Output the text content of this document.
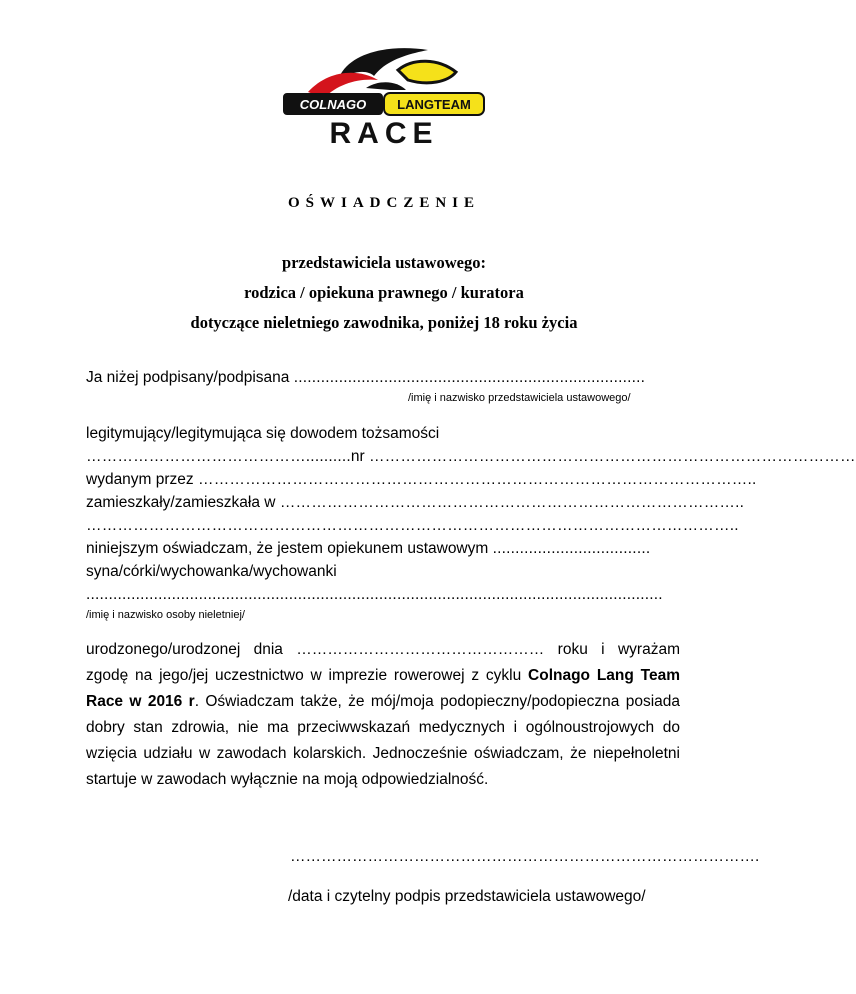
COLNAGO LANGTEAM
RACE
OŚWIADCZENIE
przedstawiciela ustawowego:
rodzica / opiekuna prawnego / kuratora
dotyczące nieletniego zawodnika, poniżej 18 roku życia
Ja niżej podpisany/podpisana ..............................................................................
/imię i nazwisko przedstawiciela ustawowego/
legitymujący/legitymująca się dowodem tożsamości
……………………………………..........nr …………………………………………………………………………………
wydanym przez ……………………………………………………………………………………………..
zamieszkały/zamieszkała w ……………………………………………………………………………..
……………………………………………………………………………………………………………..
niniejszym oświadczam, że jestem opiekunem ustawowym ...................................
syna/córki/wychowanka/wychowanki
................................................................................................................................
/imię i nazwisko osoby nieletniej/
urodzonego/urodzonej dnia ………………………………………… roku i wyrażam zgodę na jego/jej uczestnictwo w imprezie rowerowej z cyklu Colnago Lang Team Race w 2016 r. Oświadczam także, że mój/moja podopieczny/podopieczna posiada dobry stan zdrowia, nie ma przeciwwskazań medycznych i ogólnoustrojowych do wzięcia udziału w zawodach kolarskich. Jednocześnie oświadczam, że niepełnoletni startuje w zawodach wyłącznie na moją odpowiedzialność.
……………………………………………………………………………….
/data i czytelny podpis przedstawiciela ustawowego/
